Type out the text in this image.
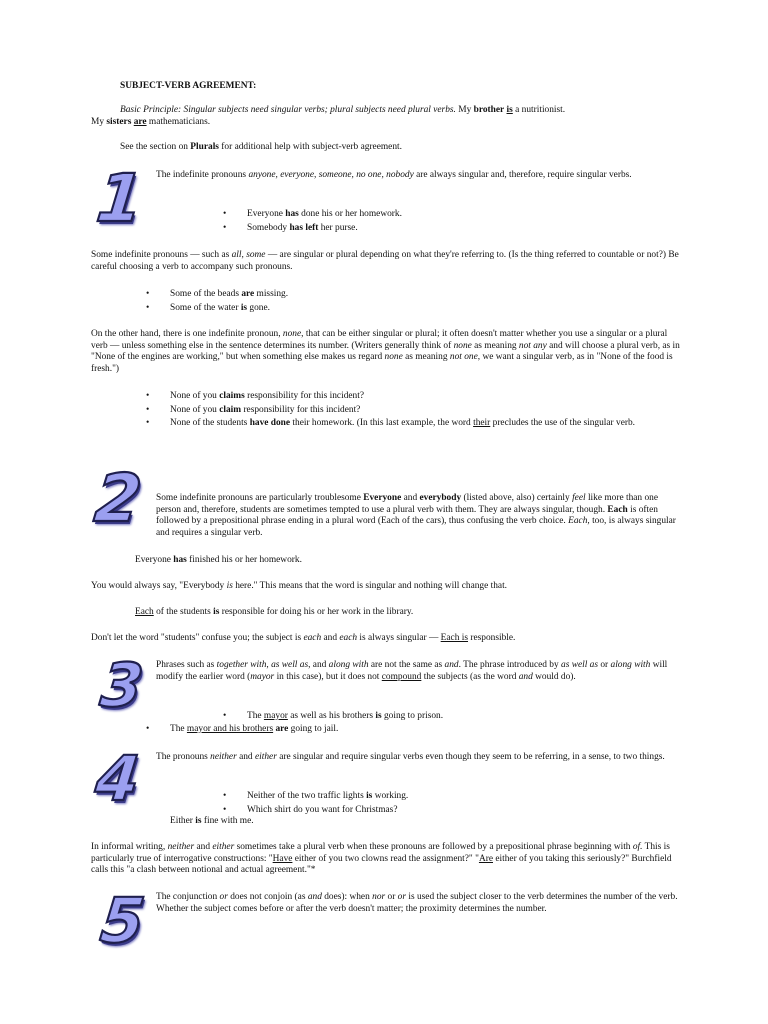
SUBJECT-VERB AGREEMENT:

Basic Principle: Singular subjects need singular verbs; plural subjects need plural verbs. My brother is a nutritionist.
My sisters are mathematicians.

See the section on Plurals for additional help with subject-verb agreement.

1 The indefinite pronouns anyone, everyone, someone, no one, nobody are always singular and, therefore, require singular verbs.

• Everyone has done his or her homework.
• Somebody has left her purse.

Some indefinite pronouns — such as all, some — are singular or plural depending on what they're referring to. (Is the thing referred to countable or not?) Be careful choosing a verb to accompany such pronouns.

• Some of the beads are missing.
• Some of the water is gone.

On the other hand, there is one indefinite pronoun, none, that can be either singular or plural; it often doesn't matter whether you use a singular or a plural verb — unless something else in the sentence determines its number. (Writers generally think of none as meaning not any and will choose a plural verb, as in "None of the engines are working," but when something else makes us regard none as meaning not one, we want a singular verb, as in "None of the food is fresh.")

• None of you claims responsibility for this incident?
• None of you claim responsibility for this incident?
• None of the students have done their homework. (In this last example, the word their precludes the use of the singular verb.
2 Some indefinite pronouns are particularly troublesome Everyone and everybody (listed above, also) certainly feel like more than one person and, therefore, students are sometimes tempted to use a plural verb with them. They are always singular, though. Each is often followed by a prepositional phrase ending in a plural word (Each of the cars), thus confusing the verb choice. Each, too, is always singular and requires a singular verb.

Everyone has finished his or her homework.

You would always say, "Everybody is here." This means that the word is singular and nothing will change that.

Each of the students is responsible for doing his or her work in the library.

Don't let the word "students" confuse you; the subject is each and each is always singular — Each is responsible.

3 Phrases such as together with, as well as, and along with are not the same as and. The phrase introduced by as well as or along with will modify the earlier word (mayor in this case), but it does not compound the subjects (as the word and would do).

• The mayor as well as his brothers is going to prison.
• The mayor and his brothers are going to jail.
4 The pronouns neither and either are singular and require singular verbs even though they seem to be referring, in a sense, to two things.

• Neither of the two traffic lights is working.
• Which shirt do you want for Christmas?

Either is fine with me.

In informal writing, neither and either sometimes take a plural verb when these pronouns are followed by a prepositional phrase beginning with of. This is particularly true of interrogative constructions: "Have either of you two clowns read the assignment?" "Are either of you taking this seriously?" Burchfield calls this "a clash between notional and actual agreement."*

5 The conjunction or does not conjoin (as and does): when nor or or is used the subject closer to the verb determines the number of the verb. Whether the subject comes before or after the verb doesn't matter; the proximity determines the number.
